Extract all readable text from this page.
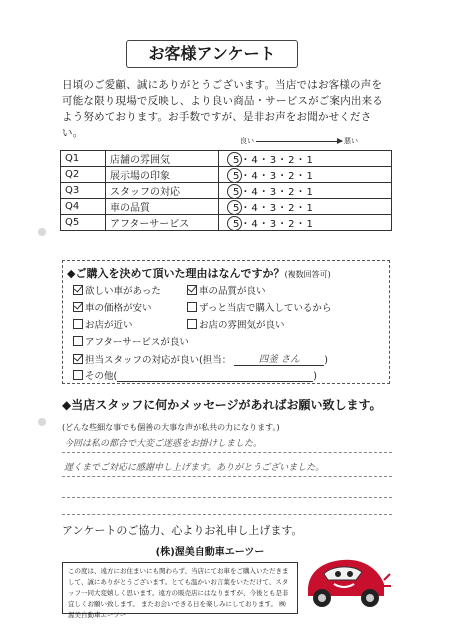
お客様アンケート
日頃のご愛顧、誠にありがとうございます。当店ではお客様の声を可能な限り現場で反映し、より良い商品・サービスがご案内出来るよう努めております。お手数ですが、是非お声をお聞かせください。
良い	悪い
Q1	店舗の雰囲気	5・4・3・2・1
Q2	展示場の印象	5・4・3・2・1
Q3	スタッフの対応	5・4・3・2・1
Q4	車の品質	5・4・3・2・1
Q5	アフターサービス	5・4・3・2・1
◆ご購入を決めて頂いた理由はなんですか？(複数回答可)
欲しい車があった	車の品質が良い
車の価格が安い	ずっと当店で購入しているから
お店が近い	お店の雰囲気が良い
アフターサービスが良い
担当スタッフの対応が良い(担当：	四釜 さん	)
その他(	)
◆当店スタッフに何かメッセージがあればお願い致します。
(どんな些細な事でも個善の大事な声が私共の力になります。)
今回は私の都合で大変ご迷惑をお掛けしました。
遅くまでご対応に感謝申し上げます。ありがとうございました。
アンケートのご協力、心よりお礼申し上げます。
(株)渥美自動車エーツー
この度は、遠方にお住まいにも関わらず、当店にてお車をご購入いただきまして、誠にありがとうございます。とても温かいお言葉をいただけて、スタッフ一同大変嬉しく思います。遠方の販売店にはなりますが、今後とも是非宜しくお願い致します。 またお会いできる日を楽しみにしております。 ㈱渥美自動車エーツー
